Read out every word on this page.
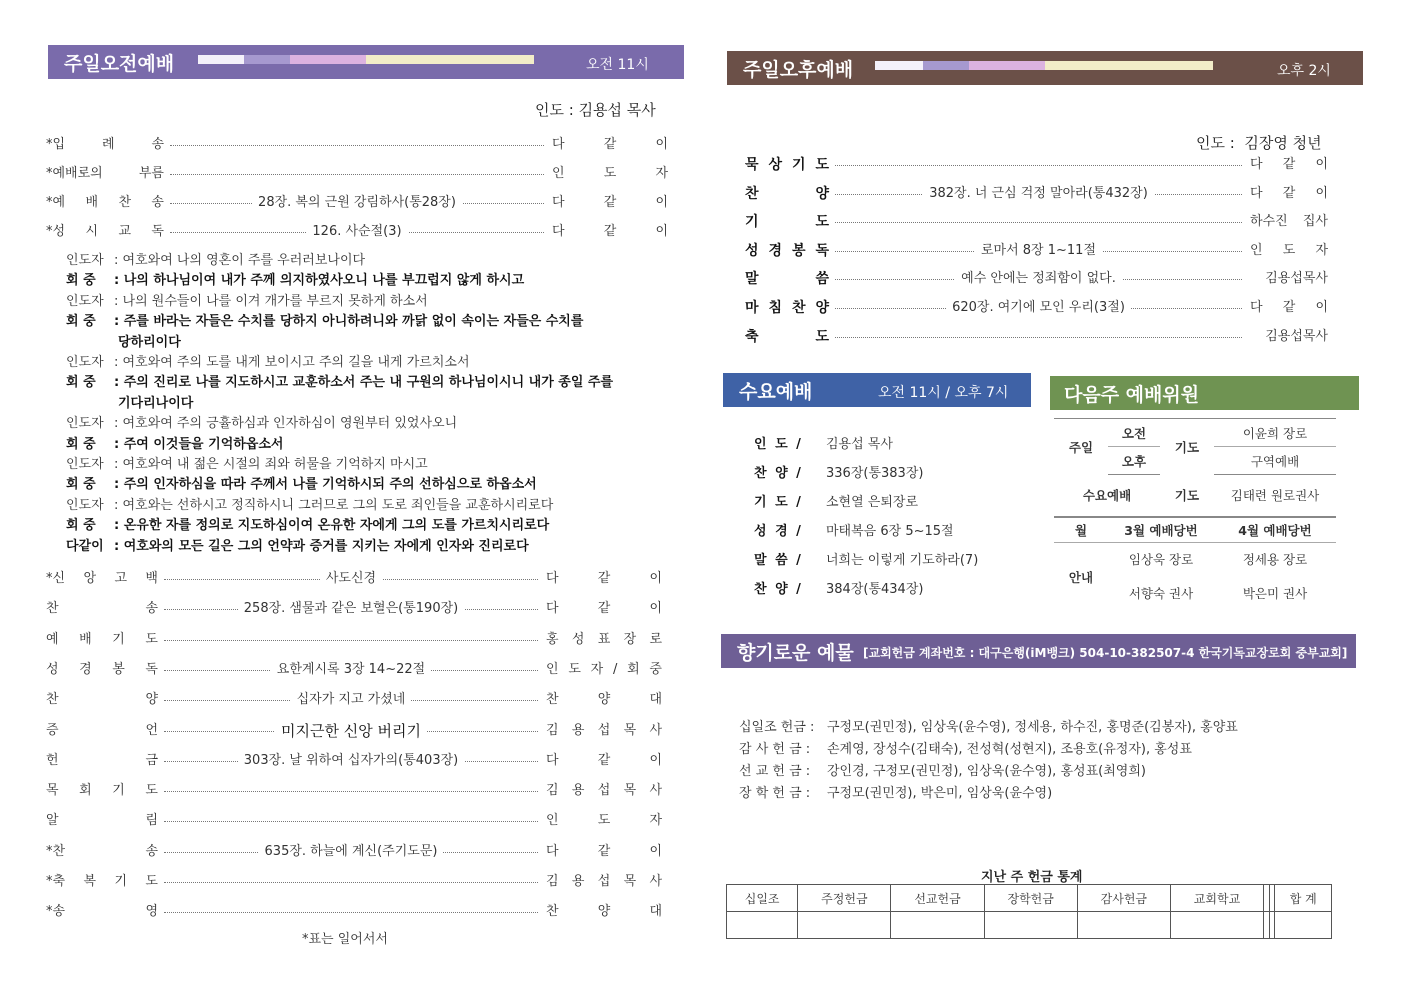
주일오전예배	오전 11시
인도 : 김용섭 목사
인도자 : 여호와여 나의 영혼이 주를 우러러보나이다
회 중 : 나의 하나님이여 내가 주께 의지하였사오니 나를 부끄럽지 않게 하시고
인도자 : 나의 원수들이 나를 이겨 개가를 부르지 못하게 하소서
회 중 : 주를 바라는 자들은 수치를 당하지 아니하려니와 까닭 없이 속이는 자들은 수치를
당하리이다
인도자 : 여호와여 주의 도를 내게 보이시고 주의 길을 내게 가르치소서
회 중 : 주의 진리로 나를 지도하시고 교훈하소서 주는 내 구원의 하나님이시니 내가 종일 주를
기다리나이다
인도자 : 여호와여 주의 긍휼하심과 인자하심이 영원부터 있었사오니
회 중 : 주여 이것들을 기억하옵소서
인도자 : 여호와여 내 젊은 시절의 죄와 허물을 기억하지 마시고
회 중 : 주의 인자하심을 따라 주께서 나를 기억하시되 주의 선하심으로 하옵소서
인도자 : 여호와는 선하시고 정직하시니 그러므로 그의 도로 죄인들을 교훈하시리로다
회 중 : 온유한 자를 정의로 지도하심이여 온유한 자에게 그의 도를 가르치시리로다
다같이 : 여호와의 모든 길은 그의 언약과 증거를 지키는 자에게 인자와 진리로다
*표는 일어서서
주일오후예배	오후 2시
인도 :  김장영 청년
수요예배	오전 11시 / 오후 7시
인 도 / 김용섭 목사
찬 양 / 336장(통383장)
기 도 / 소현열 은퇴장로
성 경 / 마태복음 6장 5~15절
말 씀 / 너희는 이렇게 기도하라(7)
찬 양 / 384장(통434장)
다음주 예배위원
주일	오전	기도	이윤희 장로
	오후		구역예배
수요예배		기도	김태련 원로권사
월	3월 예배당번		4월 예배당번
안내	임상욱 장로		정세용 장로
	서향숙 권사		박은미 권사
향기로운 예물 [교회헌금 계좌번호 : 대구은행(iM뱅크) 504-10-382507-4 한국기독교장로회 중부교회]
십일조 헌금 : 구정모(권민정), 임상욱(윤수영), 정세용, 하수진, 홍명준(김봉자), 홍양표
감 사 헌 금 : 손계영, 장성수(김태숙), 전성혁(성현지), 조용호(유정자), 홍성표
선 교 헌 금 : 강인경, 구정모(권민정), 임상욱(윤수영), 홍성표(최영희)
장 학 헌 금 : 구정모(권민정), 박은미, 임상욱(윤수영)
지난 주 헌금 통계
십일조	주정헌금	선교헌금	장학헌금	감사헌금	교회학교			합 계

*입	례	송	다	같	이
*예배로의	부름	인	도	자
*예 배 찬 송	28장. 복의 근원 강림하사(통28장)	다	같	이
*성 시 교 독	126. 사순절(3)	다	같	이
*신 앙 고 백	사도신경	다	같	이
찬	송	258장. 샘물과 같은 보혈은(통190장)	다	같	이
예 배 기 도	홍 성 표 장 로
성 경 봉 독	요한계시록 3장 14~22절	인 도 자 / 회 중
찬	양	십자가 지고 가셨네	찬	양	대
증	언	미지근한 신앙 버리기	김 용 섭 목 사
헌	금	303장. 날 위하여 십자가의(통403장)	다	같	이
목 회 기 도	김 용 섭 목 사
알	림	인	도	자
*찬	송	635장. 하늘에 계신(주기도문)	다	같	이
*축 복 기 도	김 용 섭 목 사
*송	영	찬	양	대
묵 상 기 도	다 같 이
찬	양	382장. 너 근심 걱정 말아라(통432장)	다 같 이
기	도	하수진 집사
성 경 봉 독	로마서 8장 1~11절	인 도 자
말	씀	예수 안에는 정죄함이 없다.	김용섭목사
마 침 찬 양	620장. 여기에 모인 우리(3절)	다 같 이
축	도	김용섭목사
